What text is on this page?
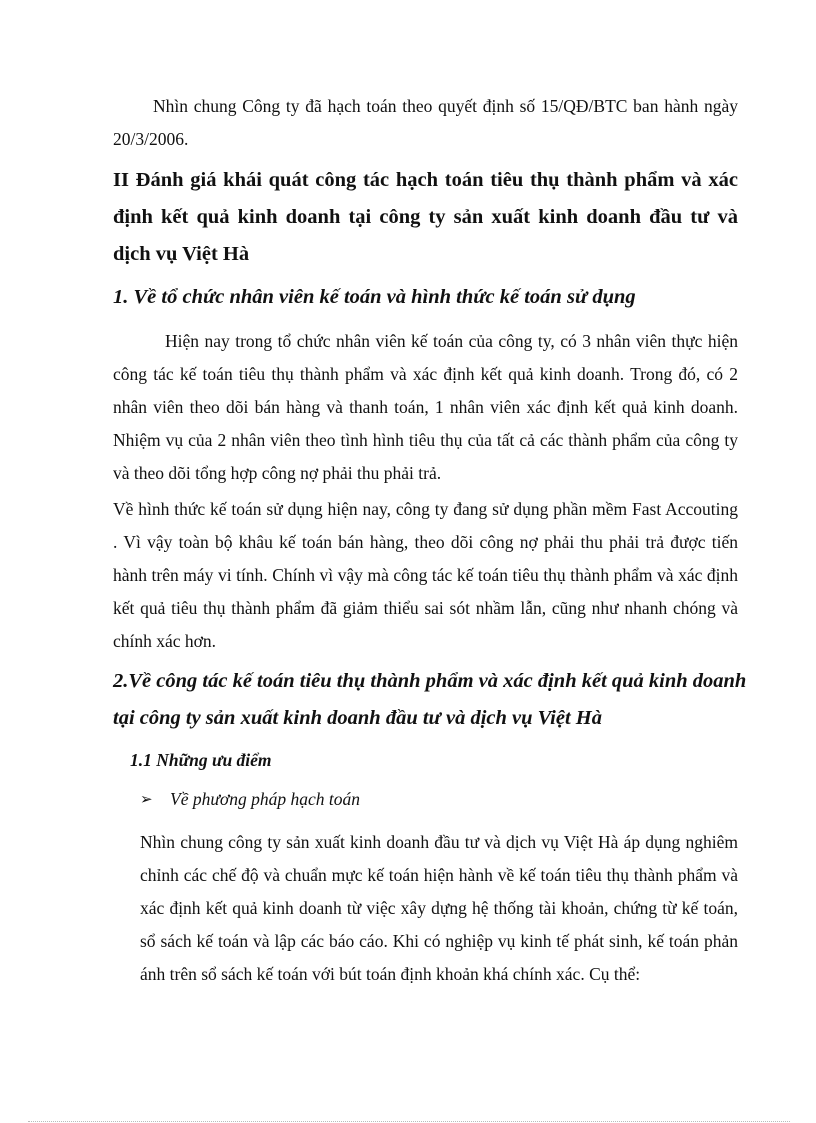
Nhìn chung Công ty đã hạch toán theo quyết định số 15/QĐ/BTC ban hành ngày 20/3/2006.

II Đánh giá khái quát công tác hạch toán tiêu thụ thành phẩm và xác định kết quả kinh doanh tại công ty sản xuất kinh doanh đầu tư và dịch vụ Việt Hà
1. Về tổ chức nhân viên kế toán và hình thức kế toán sử dụng

Hiện nay trong tổ chức nhân viên kế toán của công ty, có 3 nhân viên thực hiện công tác kế toán tiêu thụ thành phẩm và xác định kết quả kinh doanh. Trong đó, có 2 nhân viên theo dõi bán hàng và thanh toán, 1 nhân viên xác định kết quả kinh doanh. Nhiệm vụ của 2 nhân viên theo tình hình tiêu thụ của tất cả các thành phẩm của công ty và theo dõi tổng hợp công nợ phải thu phải trả.

Về hình thức kế toán sử dụng hiện nay, công ty đang sử dụng phần mềm Fast Accouting . Vì vậy toàn bộ khâu kế toán bán hàng, theo dõi công nợ phải thu phải trả được tiến hành trên máy vi tính. Chính vì vậy mà công tác kế toán tiêu thụ thành phẩm và xác định kết quả tiêu thụ thành phẩm đã giảm thiểu sai sót nhầm lẫn, cũng như nhanh chóng và chính xác hơn.

2.Về công tác kế toán tiêu thụ thành phẩm và xác định kết quả kinh doanh tại công ty sản xuất kinh doanh đầu tư và dịch vụ Việt Hà
1.1 Những ưu điểm
➢ Về phương pháp hạch toán

Nhìn chung công ty sản xuất kinh doanh đầu tư và dịch vụ Việt Hà áp dụng nghiêm chỉnh các chế độ và chuẩn mực kế toán hiện hành về kế toán tiêu thụ thành phẩm và xác định kết quả kinh doanh từ việc xây dựng hệ thống tài khoản, chứng từ kế toán, sổ sách kế toán và lập các báo cáo. Khi có nghiệp vụ kinh tế phát sinh, kế toán phản ánh trên sổ sách kế toán với bút toán định khoản khá chính xác. Cụ thể:
